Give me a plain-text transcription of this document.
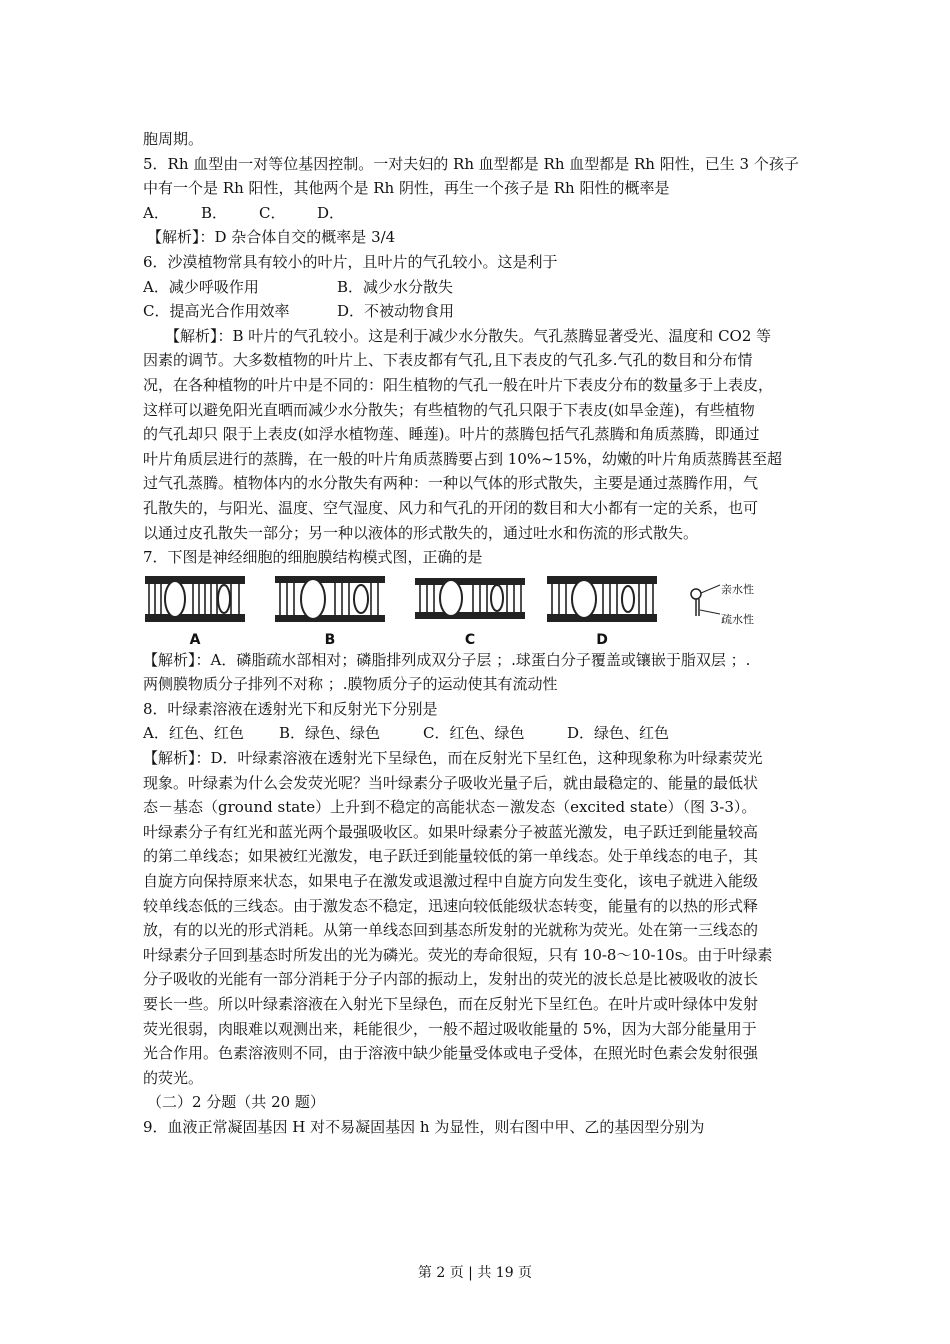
胞周期。
5．Rh 血型由一对等位基因控制。一对夫妇的 Rh 血型都是 Rh 血型都是 Rh 阳性，已生 3 个孩子
中有一个是 Rh 阳性，其他两个是 Rh 阴性，再生一个孩子是 Rh 阳性的概率是
A． B． C． D．
【解析】：D 杂合体自交的概率是 3/4
6．沙漠植物常具有较小的叶片，且叶片的气孔较小。这是利于
A．减少呼吸作用	B．减少水分散失
C．提高光合作用效率	D．不被动物食用
【解析】：B 叶片的气孔较小。这是利于减少水分散失。气孔蒸腾显著受光、温度和 CO2 等
因素的调节。大多数植物的叶片上、下表皮都有气孔,且下表皮的气孔多.气孔的数目和分布情
况，在各种植物的叶片中是不同的：阳生植物的气孔一般在叶片下表皮分布的数量多于上表皮，
这样可以避免阳光直晒而减少水分散失；有些植物的气孔只限于下表皮(如旱金莲)，有些植物
的气孔却只 限于上表皮(如浮水植物莲、睡莲)。叶片的蒸腾包括气孔蒸腾和角质蒸腾，即通过
叶片角质层进行的蒸腾，在一般的叶片角质蒸腾要占到 10%~15%，幼嫩的叶片角质蒸腾甚至超
过气孔蒸腾。植物体内的水分散失有两种：一种以气体的形式散失，主要是通过蒸腾作用，气
孔散失的，与阳光、温度、空气湿度、风力和气孔的开闭的数目和大小都有一定的关系，也可
以通过皮孔散失一部分；另一种以液体的形式散失的，通过吐水和伤流的形式散失。
7．下图是神经细胞的细胞膜结构模式图，正确的是
A	B	C	D
亲水性
疏水性
【解析】：A．磷脂疏水部相对；磷脂排列成双分子层 ；.球蛋白分子覆盖或镶嵌于脂双层 ；.
两侧膜物质分子排列不对称 ；.膜物质分子的运动使其有流动性
8．叶绿素溶液在透射光下和反射光下分别是
A．红色、红色 B．绿色、绿色	C．红色、绿色	D．绿色、红色
【解析】：D．叶绿素溶液在透射光下呈绿色，而在反射光下呈红色，这种现象称为叶绿素荧光
现象。叶绿素为什么会发荧光呢？当叶绿素分子吸收光量子后，就由最稳定的、能量的最低状
态－基态（ground state）上升到不稳定的高能状态－激发态（excited state）（图 3-3）。
叶绿素分子有红光和蓝光两个最强吸收区。如果叶绿素分子被蓝光激发，电子跃迁到能量较高
的第二单线态；如果被红光激发，电子跃迁到能量较低的第一单线态。处于单线态的电子，其
自旋方向保持原来状态，如果电子在激发或退激过程中自旋方向发生变化，该电子就进入能级
较单线态低的三线态。由于激发态不稳定，迅速向较低能级状态转变，能量有的以热的形式释
放，有的以光的形式消耗。从第一单线态回到基态所发射的光就称为荧光。处在第一三线态的
叶绿素分子回到基态时所发出的光为磷光。荧光的寿命很短，只有 10-8～10-10s。由于叶绿素
分子吸收的光能有一部分消耗于分子内部的振动上，发射出的荧光的波长总是比被吸收的波长
要长一些。所以叶绿素溶液在入射光下呈绿色，而在反射光下呈红色。在叶片或叶绿体中发射
荧光很弱，肉眼难以观测出来，耗能很少，一般不超过吸收能量的 5%，因为大部分能量用于
光合作用。色素溶液则不同，由于溶液中缺少能量受体或电子受体，在照光时色素会发射很强
的荧光。
（二）2 分题（共 20 题）
9．血液正常凝固基因 H 对不易凝固基因 h 为显性，则右图中甲、乙的基因型分别为
第 2 页 | 共 19 页
